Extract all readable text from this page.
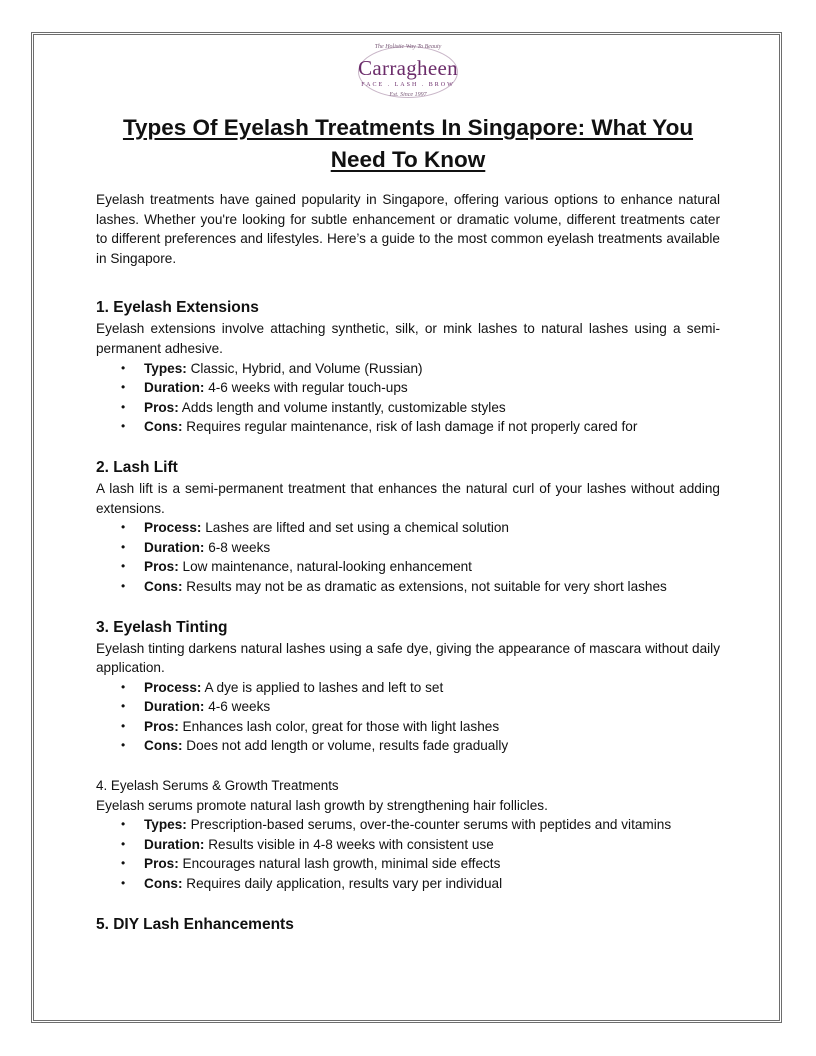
The Holistic Way To Beauty
Carragheen
FACE . LASH . BROW
Est. Since 1997
Types Of Eyelash Treatments In Singapore: What You Need To Know

Eyelash treatments have gained popularity in Singapore, offering various options to enhance natural lashes. Whether you're looking for subtle enhancement or dramatic volume, different treatments cater to different preferences and lifestyles. Here’s a guide to the most common eyelash treatments available in Singapore.

1. Eyelash Extensions

Eyelash extensions involve attaching synthetic, silk, or mink lashes to natural lashes using a semi-permanent adhesive.

• Types: Classic, Hybrid, and Volume (Russian)
• Duration: 4-6 weeks with regular touch-ups
• Pros: Adds length and volume instantly, customizable styles
• Cons: Requires regular maintenance, risk of lash damage if not properly cared for
2. Lash Lift

A lash lift is a semi-permanent treatment that enhances the natural curl of your lashes without adding extensions.

• Process: Lashes are lifted and set using a chemical solution
• Duration: 6-8 weeks
• Pros: Low maintenance, natural-looking enhancement
• Cons: Results may not be as dramatic as extensions, not suitable for very short lashes
3. Eyelash Tinting

Eyelash tinting darkens natural lashes using a safe dye, giving the appearance of mascara without daily application.

• Process: A dye is applied to lashes and left to set
• Duration: 4-6 weeks
• Pros: Enhances lash color, great for those with light lashes
• Cons: Does not add length or volume, results fade gradually
4. Eyelash Serums & Growth Treatments

Eyelash serums promote natural lash growth by strengthening hair follicles.

• Types: Prescription-based serums, over-the-counter serums with peptides and vitamins
• Duration: Results visible in 4-8 weeks with consistent use
• Pros: Encourages natural lash growth, minimal side effects
• Cons: Requires daily application, results vary per individual
5. DIY Lash Enhancements
